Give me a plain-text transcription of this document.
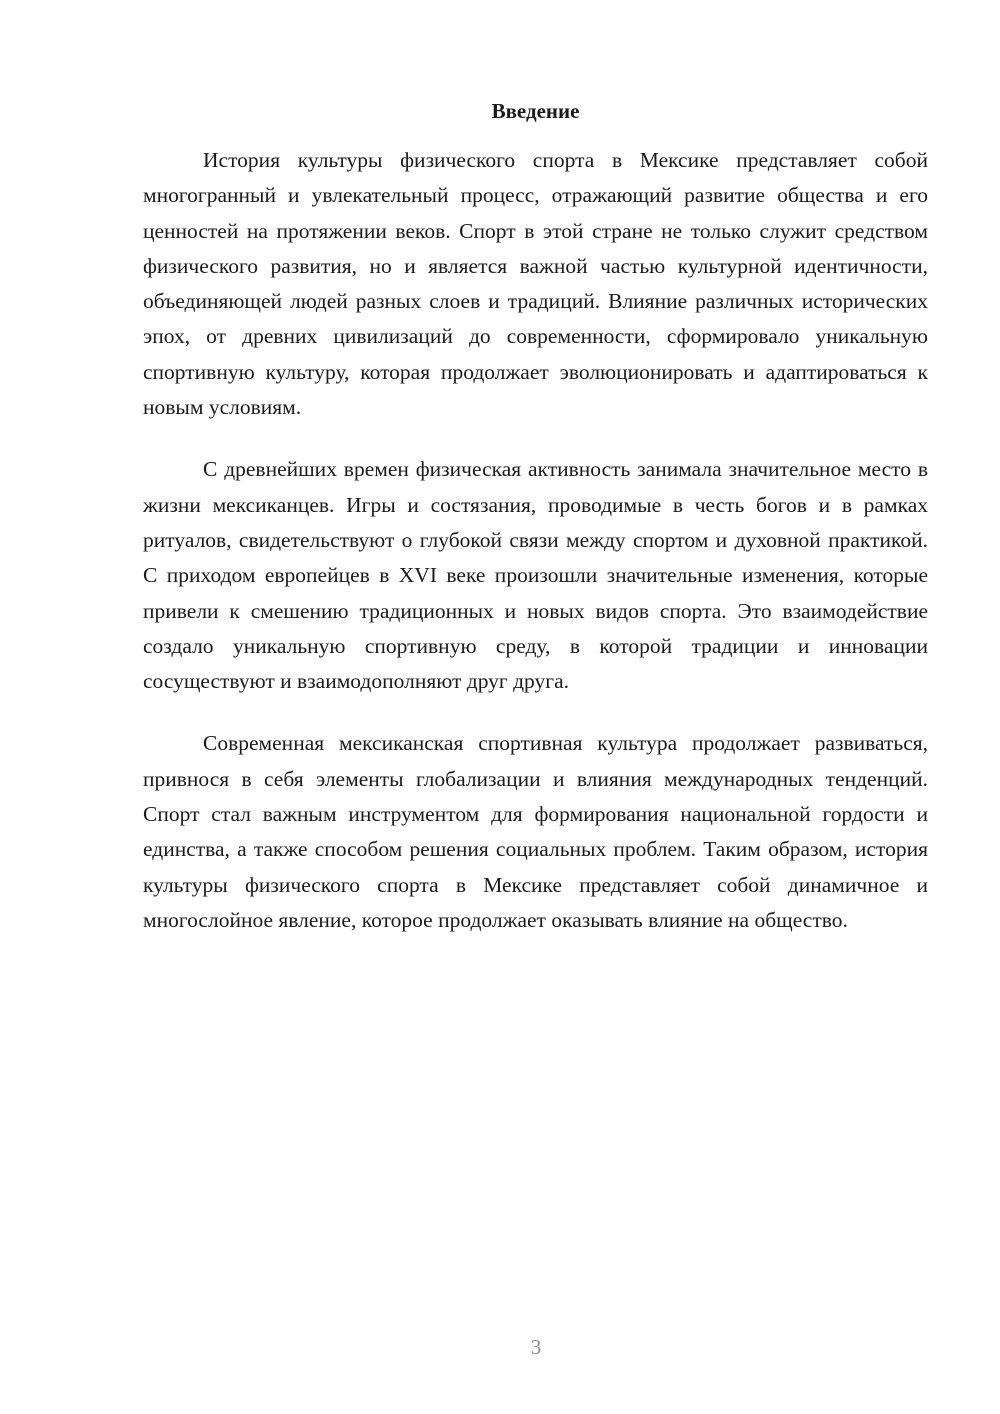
Введение

История культуры физического спорта в Мексике представляет собой многогранный и увлекательный процесс, отражающий развитие общества и его ценностей на протяжении веков. Спорт в этой стране не только служит средством физического развития, но и является важной частью культурной идентичности, объединяющей людей разных слоев и традиций. Влияние различных исторических эпох, от древних цивилизаций до современности, сформировало уникальную спортивную культуру, которая продолжает эволюционировать и адаптироваться к новым условиям.

С древнейших времен физическая активность занимала значительное место в жизни мексиканцев. Игры и состязания, проводимые в честь богов и в рамках ритуалов, свидетельствуют о глубокой связи между спортом и духовной практикой. С приходом европейцев в XVI веке произошли значительные изменения, которые привели к смешению традиционных и новых видов спорта. Это взаимодействие создало уникальную спортивную среду, в которой традиции и инновации сосуществуют и взаимодополняют друг друга.

Современная мексиканская спортивная культура продолжает развиваться, привнося в себя элементы глобализации и влияния международных тенденций. Спорт стал важным инструментом для формирования национальной гордости и единства, а также способом решения социальных проблем. Таким образом, история культуры физического спорта в Мексике представляет собой динамичное и многослойное явление, которое продолжает оказывать влияние на общество.

3
